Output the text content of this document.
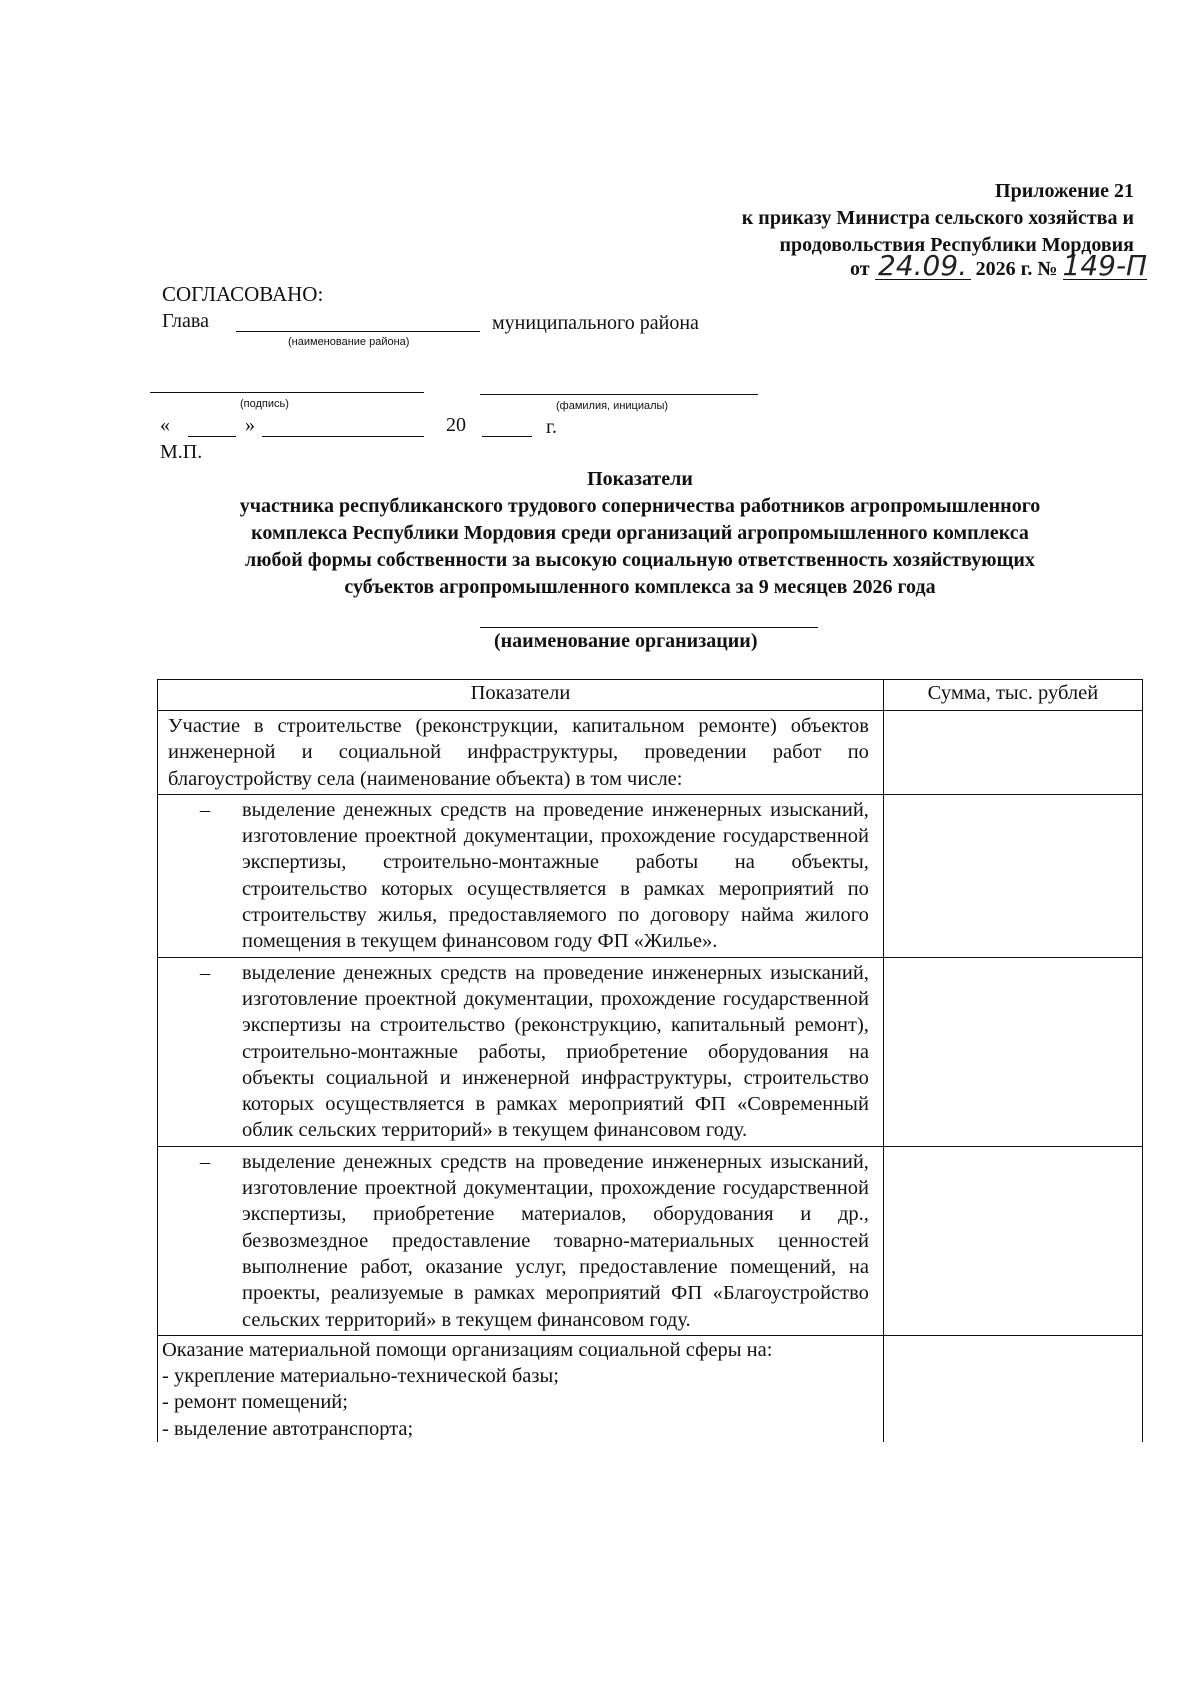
Приложение 21
к приказу Министра сельского хозяйства и
продовольствия Республики Мордовия
от 24.09. 2026 г. № 149-П
СОГЛАСОВАНО:
Глава	муниципального района
(наименование района)
(подпись)	(фамилия, инициалы)
«	»	20	г.
М.П.
Показатели
участника республиканского трудового соперничества работников агропромышленного
комплекса Республики Мордовия среди организаций агропромышленного комплекса
любой формы собственности за высокую социальную ответственность хозяйствующих
субъектов агропромышленного комплекса за 9 месяцев 2026 года
(наименование организации)
Показатели	Сумма, тыс. рублей
Участие в строительстве (реконструкции, капитальном ремонте) объектов инженерной и социальной инфраструктуры, проведении работ по благоустройству села (наименование объекта) в том числе:	

– выделение денежных средств на проведение инженерных изысканий, изготовление проектной документации, прохождение государственной экспертизы, строительно-монтажные работы на объекты, строительство которых осуществляется в рамках мероприятий по строительству жилья, предоставляемого по договору найма жилого помещения в текущем финансовом году ФП «Жилье».	

– выделение денежных средств на проведение инженерных изысканий, изготовление проектной документации, прохождение государственной экспертизы на строительство (реконструкцию, капитальный ремонт), строительно-монтажные работы, приобретение оборудования на объекты социальной и инженерной инфраструктуры, строительство которых осуществляется в рамках мероприятий ФП «Современный облик сельских территорий» в текущем финансовом году.	

– выделение денежных средств на проведение инженерных изысканий, изготовление проектной документации, прохождение государственной экспертизы, приобретение материалов, оборудования и др., безвозмездное предоставление товарно-материальных ценностей выполнение работ, оказание услуг, предоставление помещений, на проекты, реализуемые в рамках мероприятий ФП «Благоустройство сельских территорий» в текущем финансовом году.	

Оказание материальной помощи организациям социальной сферы на:
- укрепление материально-технической базы;
- ремонт помещений;
- выделение автотранспорта;	
